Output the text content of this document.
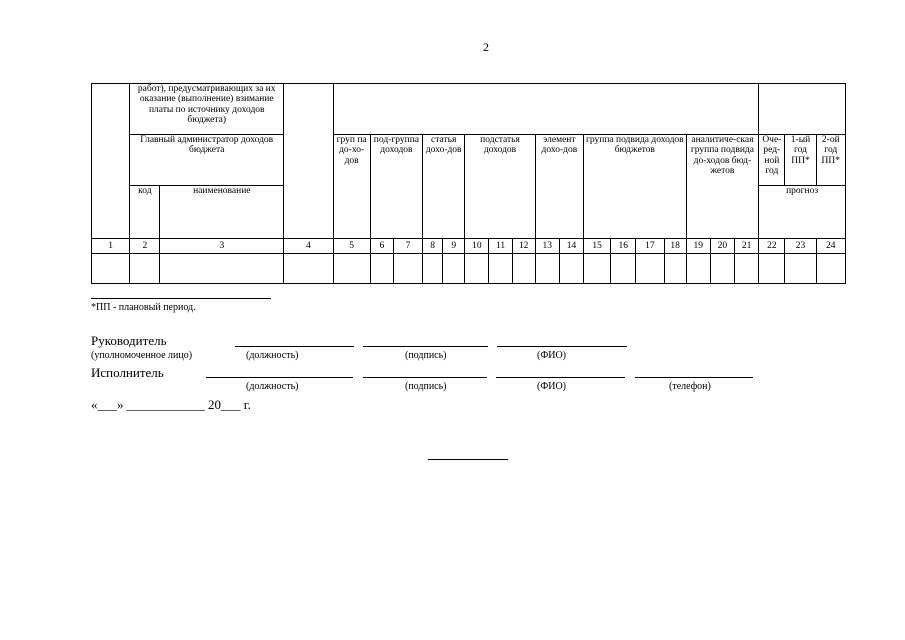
2
	работ), предусматривающих за их оказание (выполнение) взимание платы по источнику доходов бюджета)																						
	Главный администратор доходов бюджета			груп па до-хо-дов	под-группа доходов		статья дохо-дов		подстатья доходов			элемент дохо-дов		группа подвида доходов бюджетов				аналитиче-ская группа подвида до-ходов бюд-жетов			Оче-ред-ной год	1-ый год ПП*	2-ой год ПП*
	код	наименование																			прогноз		
1	2	3	4	5	6	7	8	9	10	11	12	13	14	15	16	17	18	19	20	21	22	23	24

*ПП - плановый период.
Руководитель
(уполномоченное лицо)	(должность)	(подпись)	(ФИО)
Исполнитель
(должность)	(подпись)	(ФИО)	(телефон)
«___» ____________ 20___ г.
